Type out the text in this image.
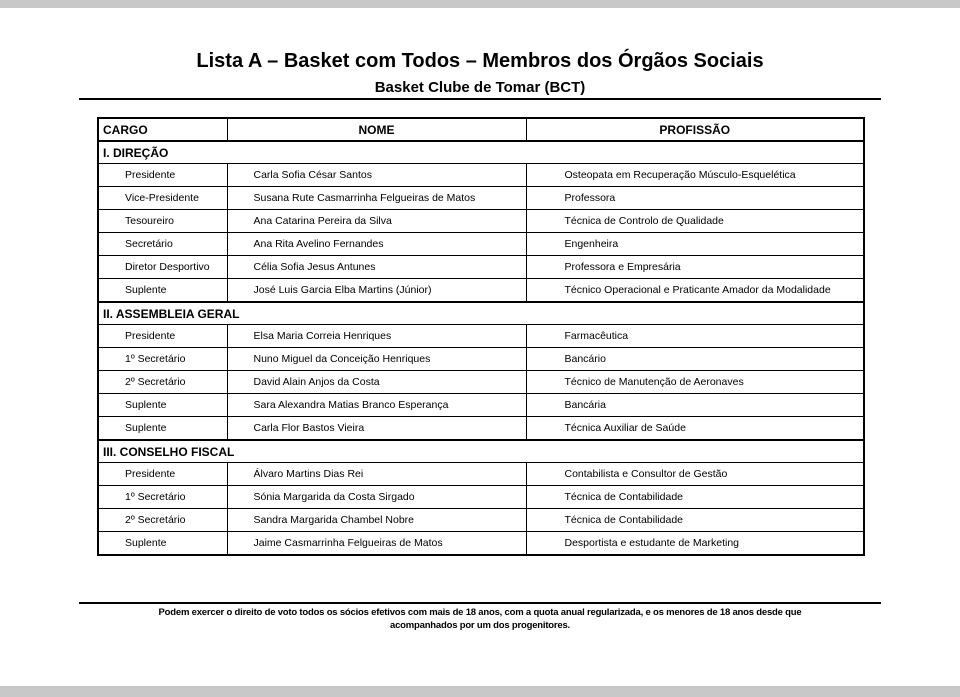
Lista A – Basket com Todos – Membros dos Órgãos Sociais
Basket Clube de Tomar (BCT)
CARGO	NOME	PROFISSÃO
I. DIREÇÃO		
Presidente	Carla Sofia César Santos	Osteopata em Recuperação Músculo-Esquelética
Vice-Presidente	Susana Rute Casmarrinha Felgueiras de Matos	Professora
Tesoureiro	Ana Catarina Pereira da Silva	Técnica de Controlo de Qualidade
Secretário	Ana Rita Avelino Fernandes	Engenheira
Diretor Desportivo	Célia Sofia Jesus Antunes	Professora e Empresária
Suplente	José Luis Garcia Elba Martins (Júnior)	Técnico Operacional e Praticante Amador da Modalidade
II. ASSEMBLEIA GERAL		
Presidente	Elsa Maria Correia Henriques	Farmacêutica
1º Secretário	Nuno Miguel da Conceição Henriques	Bancário
2º Secretário	David Alain Anjos da Costa	Técnico de Manutenção de Aeronaves
Suplente	Sara Alexandra Matias Branco Esperança	Bancária
Suplente	Carla Flor Bastos Vieira	Técnica Auxiliar de Saúde
III. CONSELHO FISCAL		
Presidente	Álvaro Martins Dias Rei	Contabilista e Consultor de Gestão
1º Secretário	Sónia Margarida da Costa Sirgado	Técnica de Contabilidade
2º Secretário	Sandra Margarida Chambel Nobre	Técnica de Contabilidade
Suplente	Jaime Casmarrinha Felgueiras de Matos	Desportista e estudante de Marketing
Podem exercer o direito de voto todos os sócios efetivos com mais de 18 anos, com a quota anual regularizada, e os menores de 18 anos desde que
acompanhados por um dos progenitores.
